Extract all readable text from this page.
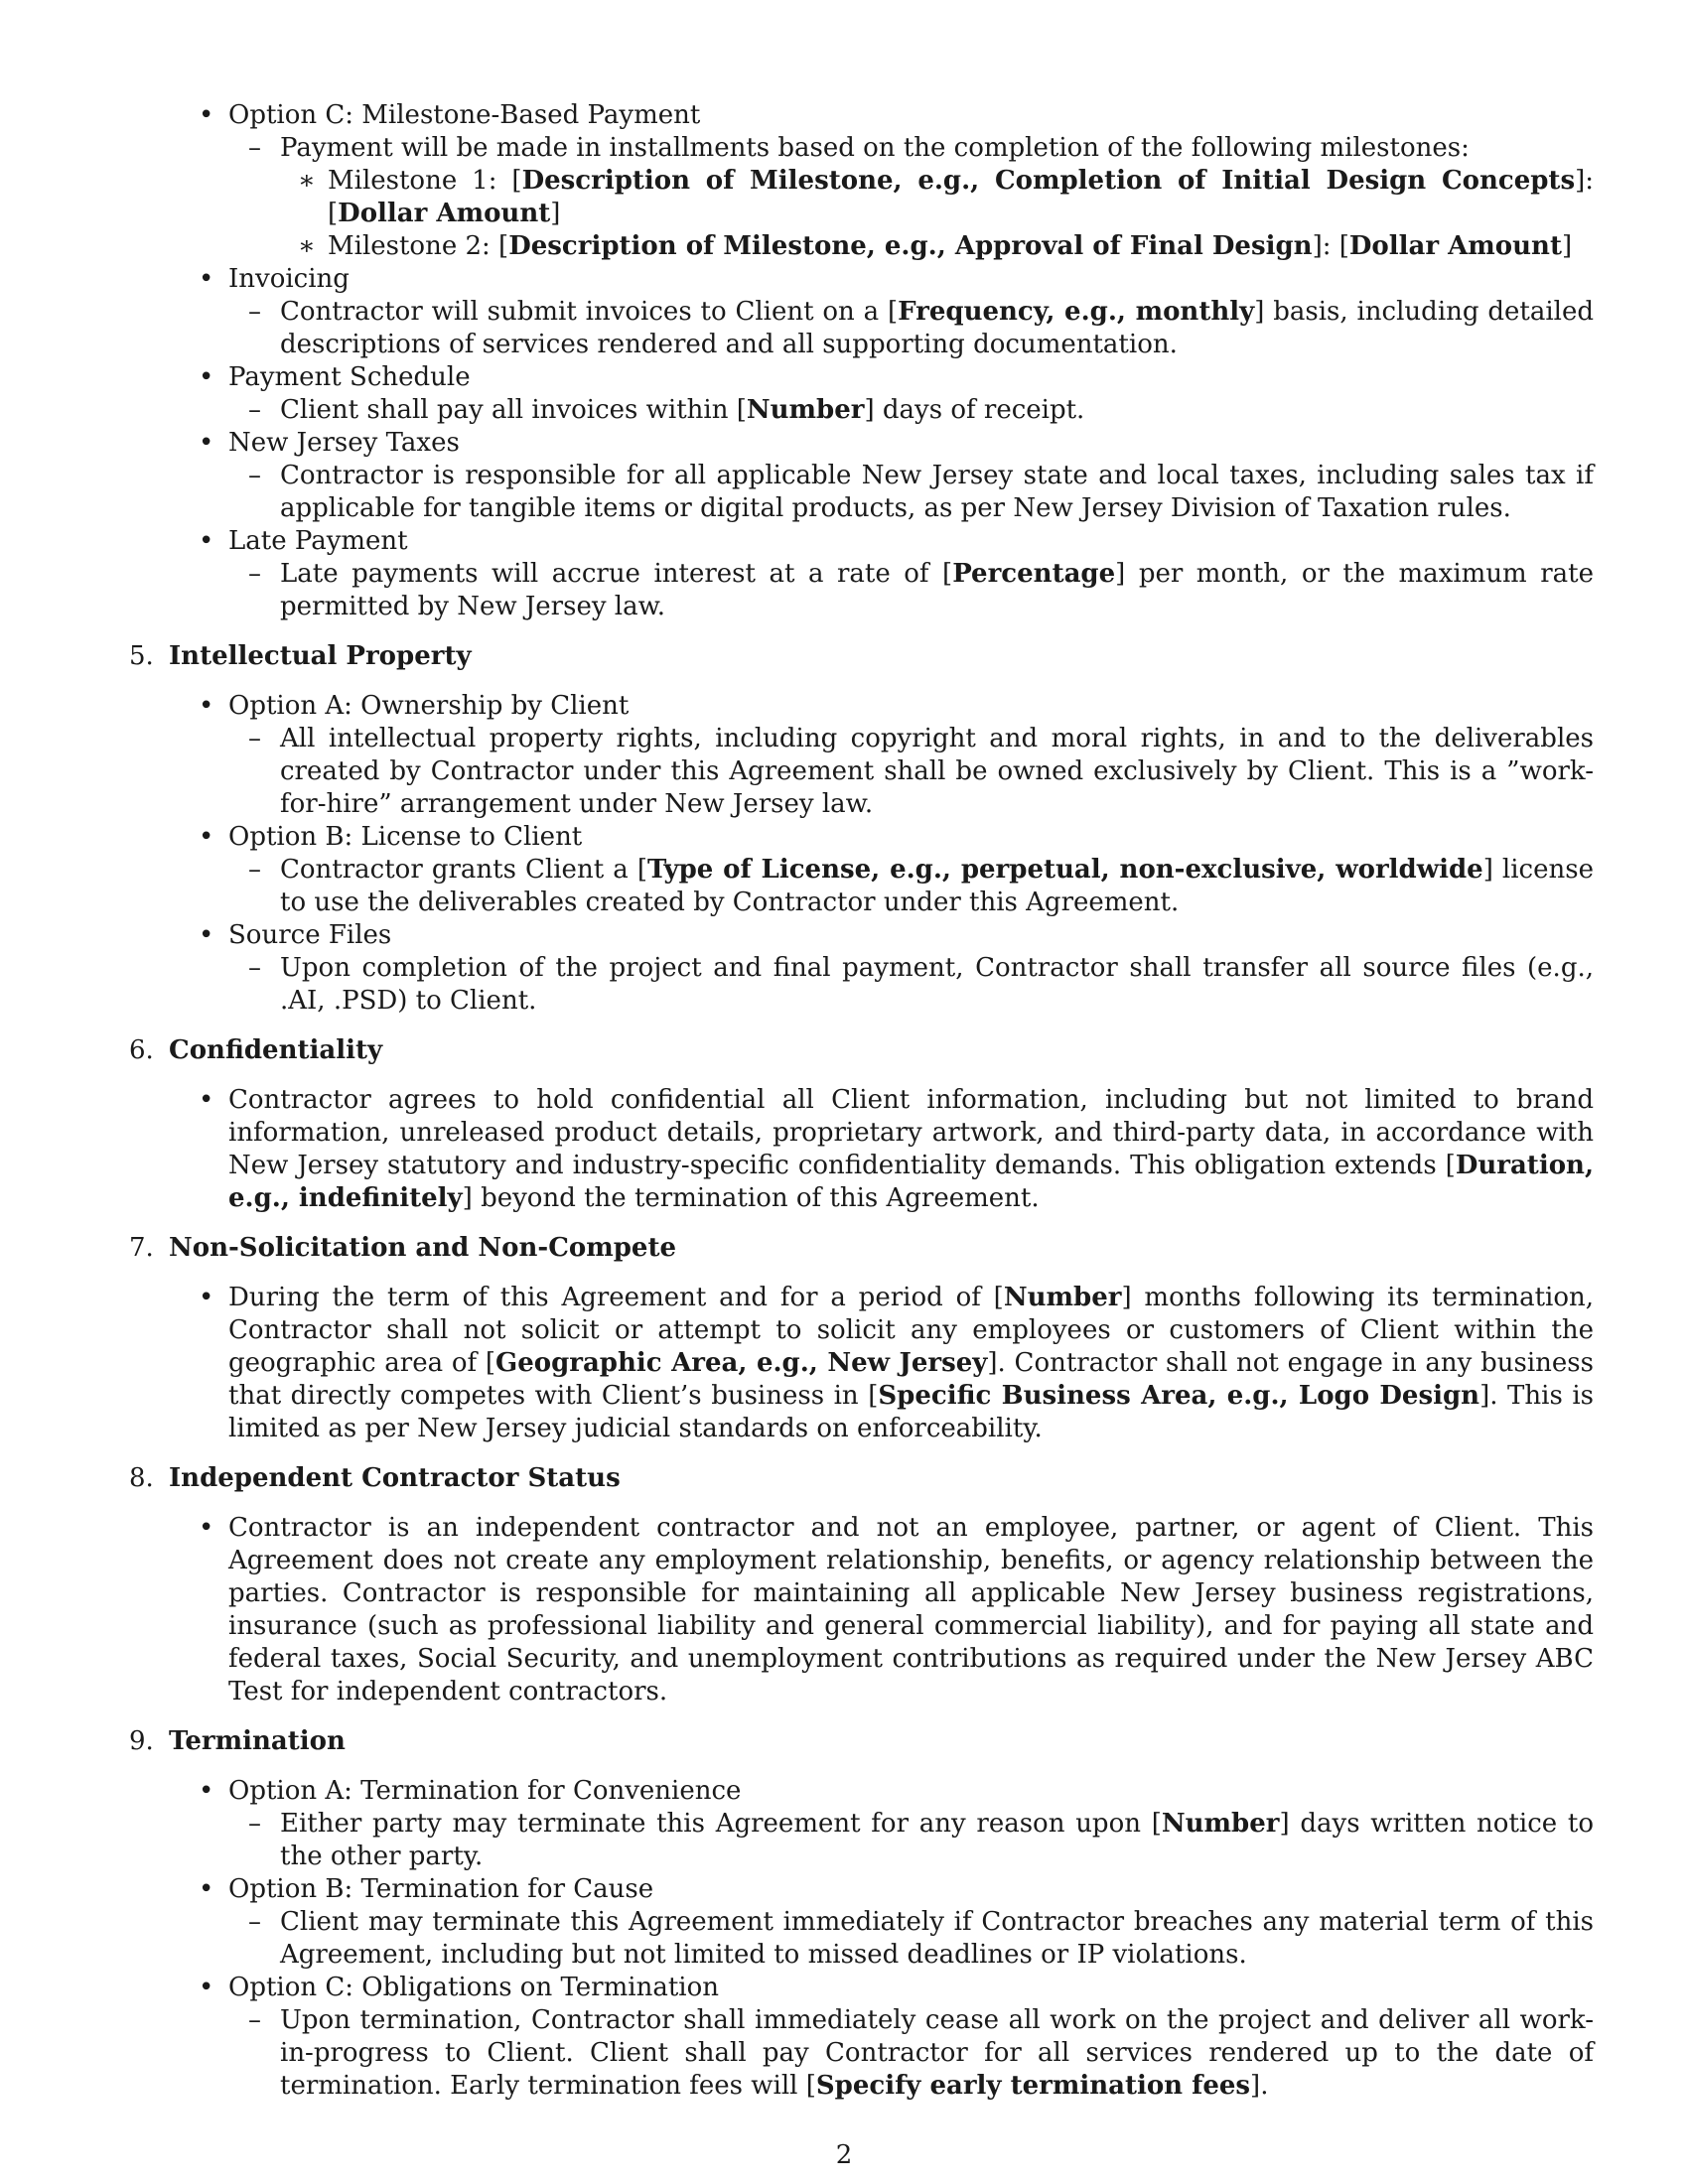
• Option C: Milestone-Based Payment
– Payment will be made in installments based on the completion of the following milestones:
∗ Milestone 1: [Description of Milestone, e.g., Completion of Initial Design Concepts]: [Dollar Amount]
∗ Milestone 2: [Description of Milestone, e.g., Approval of Final Design]: [Dollar Amount]
• Invoicing
– Contractor will submit invoices to Client on a [Frequency, e.g., monthly] basis, including detailed descriptions of services rendered and all supporting documentation.
• Payment Schedule
– Client shall pay all invoices within [Number] days of receipt.
• New Jersey Taxes
– Contractor is responsible for all applicable New Jersey state and local taxes, including sales tax if applicable for tangible items or digital products, as per New Jersey Division of Taxation rules.
• Late Payment
– Late payments will accrue interest at a rate of [Percentage] per month, or the maximum rate permitted by New Jersey law.
5. Intellectual Property
• Option A: Ownership by Client
– All intellectual property rights, including copyright and moral rights, in and to the deliverables created by Contractor under this Agreement shall be owned exclusively by Client. This is a ”work-for-hire” arrangement under New Jersey law.
• Option B: License to Client
– Contractor grants Client a [Type of License, e.g., perpetual, non-exclusive, worldwide] license to use the deliverables created by Contractor under this Agreement.
• Source Files
– Upon completion of the project and final payment, Contractor shall transfer all source files (e.g., .AI, .PSD) to Client.
6. Confidentiality
• Contractor agrees to hold confidential all Client information, including but not limited to brand information, unreleased product details, proprietary artwork, and third-party data, in accordance with New Jersey statutory and industry-specific confidentiality demands. This obligation extends [Duration, e.g., indefinitely] beyond the termination of this Agreement.
7. Non-Solicitation and Non-Compete
• During the term of this Agreement and for a period of [Number] months following its termination, Contractor shall not solicit or attempt to solicit any employees or customers of Client within the geographic area of [Geographic Area, e.g., New Jersey]. Contractor shall not engage in any business that directly competes with Client’s business in [Specific Business Area, e.g., Logo Design]. This is limited as per New Jersey judicial standards on enforceability.
8. Independent Contractor Status
• Contractor is an independent contractor and not an employee, partner, or agent of Client. This Agreement does not create any employment relationship, benefits, or agency relationship between the parties. Contractor is responsible for maintaining all applicable New Jersey business registrations, insurance (such as professional liability and general commercial liability), and for paying all state and federal taxes, Social Security, and unemployment contributions as required under the New Jersey ABC Test for independent contractors.
9. Termination
• Option A: Termination for Convenience
– Either party may terminate this Agreement for any reason upon [Number] days written notice to the other party.
• Option B: Termination for Cause
– Client may terminate this Agreement immediately if Contractor breaches any material term of this Agreement, including but not limited to missed deadlines or IP violations.
• Option C: Obligations on Termination
– Upon termination, Contractor shall immediately cease all work on the project and deliver all work-in-progress to Client. Client shall pay Contractor for all services rendered up to the date of termination. Early termination fees will [Specify early termination fees].
2
